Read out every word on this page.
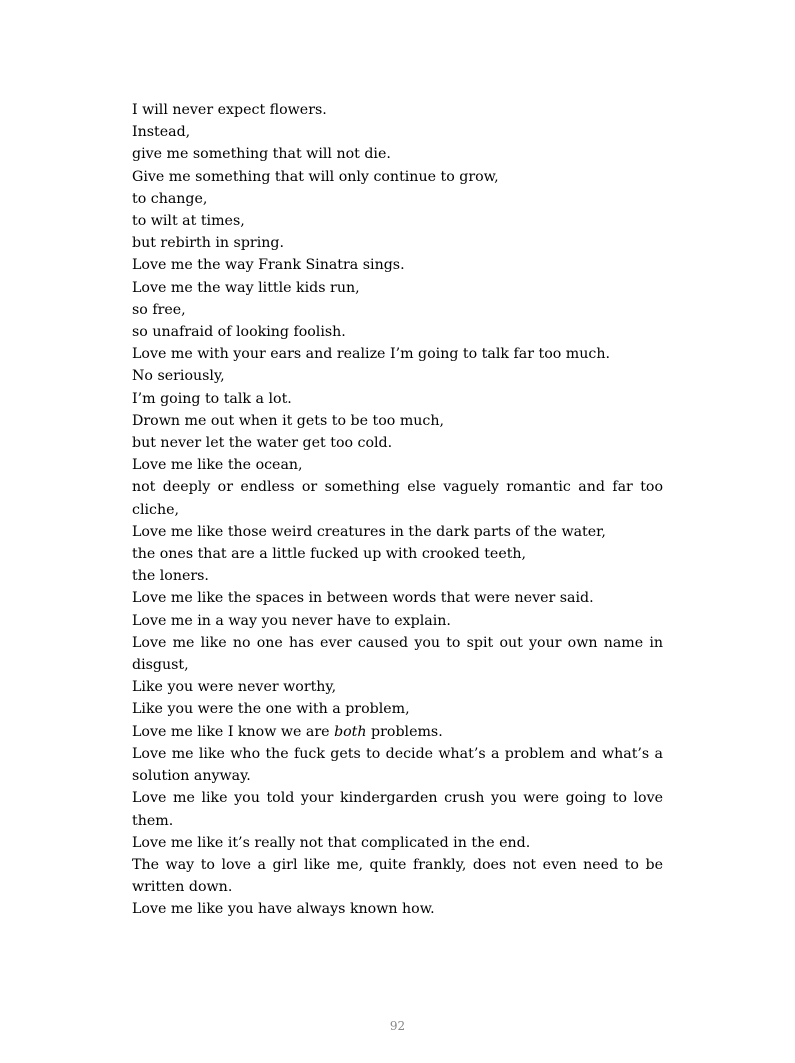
I will never expect flowers.
Instead,
give me something that will not die.
Give me something that will only continue to grow,
to change,
to wilt at times,
but rebirth in spring.
Love me the way Frank Sinatra sings.
Love me the way little kids run,
so free,
so unafraid of looking foolish.
Love me with your ears and realize I’m going to talk far too much.
No seriously,
I’m going to talk a lot.
Drown me out when it gets to be too much,
but never let the water get too cold.
Love me like the ocean,
not deeply or endless or something else vaguely romantic and far too cliche,
Love me like those weird creatures in the dark parts of the water,
the ones that are a little fucked up with crooked teeth,
the loners.
Love me like the spaces in between words that were never said.
Love me in a way you never have to explain.
Love me like no one has ever caused you to spit out your own name in disgust,
Like you were never worthy,
Like you were the one with a problem,
Love me like I know we are both problems.
Love me like who the fuck gets to decide what’s a problem and what’s a solution anyway.
Love me like you told your kindergarden crush you were going to love them.
Love me like it’s really not that complicated in the end.
The way to love a girl like me, quite frankly, does not even need to be written down.
Love me like you have always known how.
92
